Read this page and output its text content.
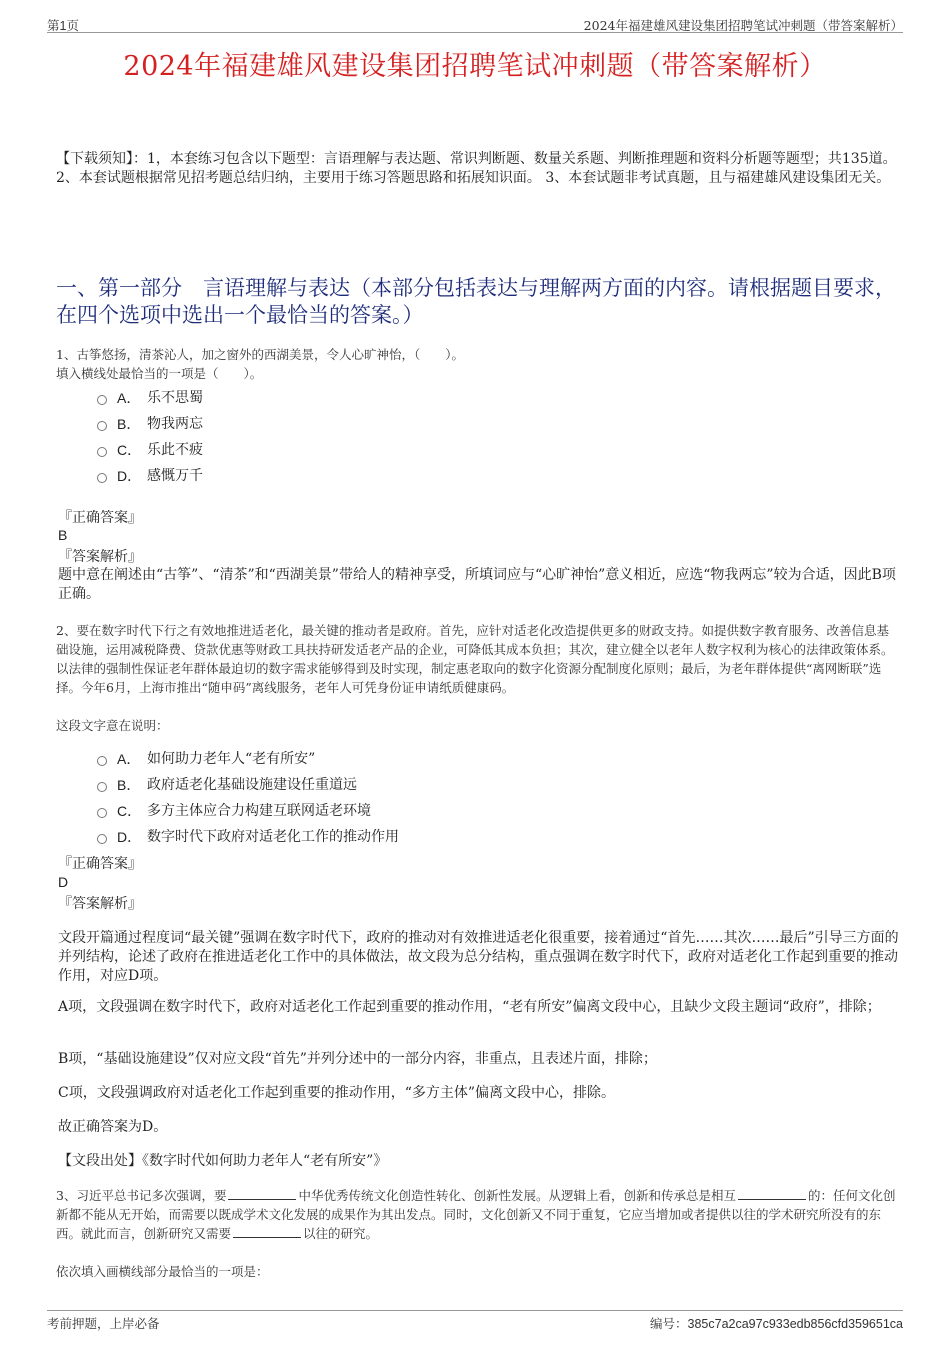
第1页	2024年福建雄风建设集团招聘笔试冲刺题（带答案解析）
2024年福建雄风建设集团招聘笔试冲刺题（带答案解析）
【下载须知】：1，本套练习包含以下题型：言语理解与表达题、常识判断题、数量关系题、判断推理题和资料分析题等题型；共135道。 2、本套试题根据常见招考题总结归纳，主要用于练习答题思路和拓展知识面。 3、本套试题非考试真题，且与福建雄风建设集团无关。
一、第一部分　言语理解与表达（本部分包括表达与理解两方面的内容。请根据题目要求，在四个选项中选出一个最恰当的答案。）
1、古筝悠扬，清茶沁人，加之窗外的西湖美景，令人心旷神怡，（　　）。
填入横线处最恰当的一项是（　　）。
A． 乐不思蜀
B． 物我两忘
C． 乐此不疲
D． 感慨万千
『正确答案』
B
『答案解析』
题中意在阐述由“古筝”、“清茶”和“西湖美景”带给人的精神享受，所填词应与“心旷神怡”意义相近，应选“物我两忘”较为合适，因此B项正确。
2、要在数字时代下行之有效地推进适老化，最关键的推动者是政府。首先，应针对适老化改造提供更多的财政支持。如提供数字教育服务、改善信息基础设施，运用减税降费、贷款优惠等财政工具扶持研发适老产品的企业，可降低其成本负担；其次，建立健全以老年人数字权利为核心的法律政策体系。以法律的强制性保证老年群体最迫切的数字需求能够得到及时实现，制定惠老取向的数字化资源分配制度化原则；最后，为老年群体提供“离网断联”选择。今年6月，上海市推出“随申码”离线服务，老年人可凭身份证申请纸质健康码。
这段文字意在说明：
A． 如何助力老年人“老有所安”
B． 政府适老化基础设施建设任重道远
C． 多方主体应合力构建互联网适老环境
D． 数字时代下政府对适老化工作的推动作用
『正确答案』
D
『答案解析』
文段开篇通过程度词“最关键”强调在数字时代下，政府的推动对有效推进适老化很重要，接着通过“首先……其次……最后”引导三方面的并列结构，论述了政府在推进适老化工作中的具体做法，故文段为总分结构，重点强调在数字时代下，政府对适老化工作起到重要的推动作用，对应D项。
A项，文段强调在数字时代下，政府对适老化工作起到重要的推动作用，“老有所安”偏离文段中心，且缺少文段主题词“政府”，排除；
B项，“基础设施建设”仅对应文段“首先”并列分述中的一部分内容，非重点，且表述片面，排除；
C项，文段强调政府对适老化工作起到重要的推动作用，“多方主体”偏离文段中心，排除。
故正确答案为D。
【文段出处】《数字时代如何助力老年人“老有所安”》
3、习近平总书记多次强调，要	中华优秀传统文化创造性转化、创新性发展。从逻辑上看，创新和传承总是相互	的：任何文化创新都不能从无开始，而需要以既成学术文化发展的成果作为其出发点。同时，文化创新又不同于重复，它应当增加或者提供以往的学术研究所没有的东西。就此而言，创新研究又需要	以往的研究。
依次填入画横线部分最恰当的一项是：
考前押题，上岸必备	编号：385c7a2ca97c933edb856cfd359651ca
